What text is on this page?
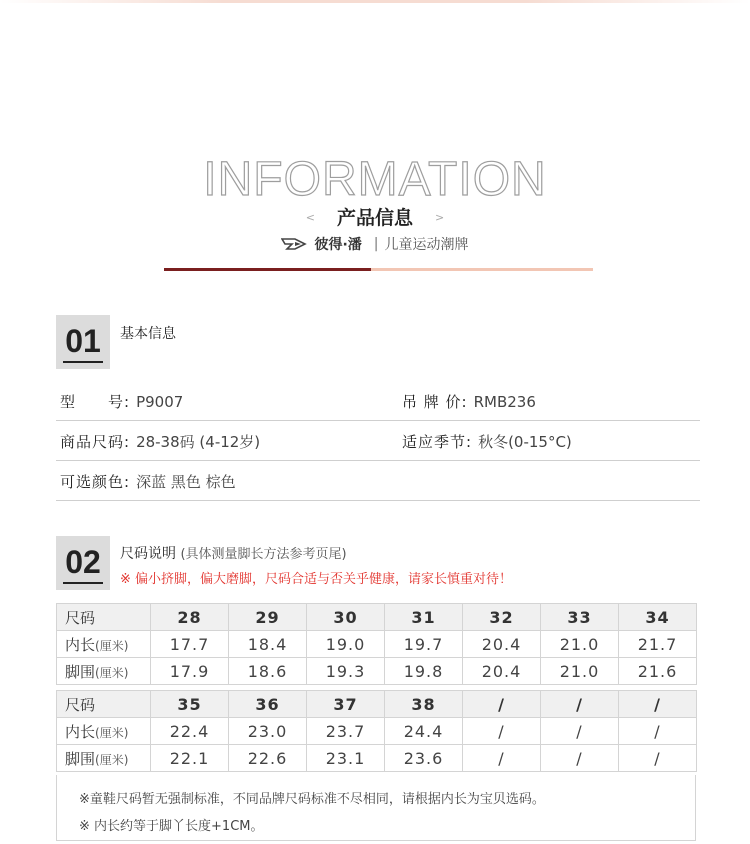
INFORMATION
< 产品信息 >
彼得·潘 | 儿童运动潮牌
01	基本信息
型　　号: P9007	吊 牌 价: RMB236
商品尺码: 28-38码 (4-12岁)	适应季节: 秋冬(0-15°C)
可选颜色: 深蓝 黑色 棕色
02	尺码说明 (具体测量脚长方法参考页尾)
※ 偏小挤脚，偏大磨脚，尺码合适与否关乎健康，请家长慎重对待！
尺码	28	29	30	31	32	33	34
内长(厘米)	17.7	18.4	19.0	19.7	20.4	21.0	21.7
脚围(厘米)	17.9	18.6	19.3	19.8	20.4	21.0	21.6
尺码	35	36	37	38	/	/	/
内长(厘米)	22.4	23.0	23.7	24.4	/	/	/
脚围(厘米)	22.1	22.6	23.1	23.6	/	/	/
※童鞋尺码暂无强制标准，不同品牌尺码标准不尽相同，请根据内长为宝贝选码。
※ 内长约等于脚丫长度+1CM。
